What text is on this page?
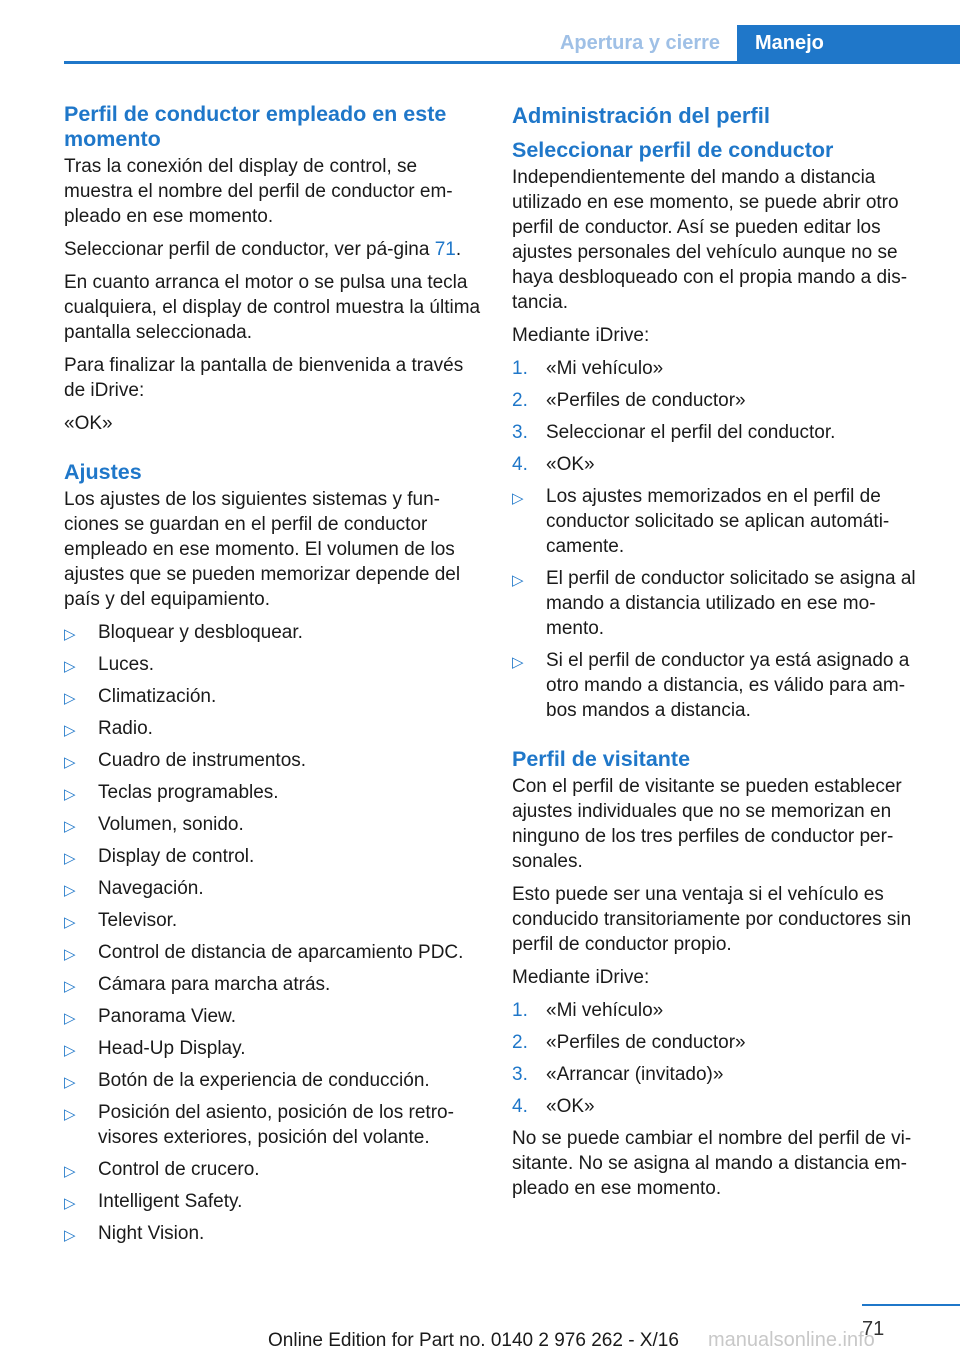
Apertura y cierre	Manejo
Perfil de conductor empleado en este momento

Tras la conexión del display de control, se muestra el nombre del perfil de conductor em‐pleado en ese momento.

Seleccionar perfil de conductor, ver pá‐gina 71.

En cuanto arranca el motor o se pulsa una tecla cualquiera, el display de control muestra la última pantalla seleccionada.

Para finalizar la pantalla de bienvenida a través de iDrive:

«OK»

Ajustes

Los ajustes de los siguientes sistemas y fun‐ciones se guardan en el perfil de conductor empleado en ese momento. El volumen de los ajustes que se pueden memorizar depende del país y del equipamiento.

▷	Bloquear y desbloquear.
▷	Luces.
▷	Climatización.
▷	Radio.
▷	Cuadro de instrumentos.
▷	Teclas programables.
▷	Volumen, sonido.
▷	Display de control.
▷	Navegación.
▷	Televisor.
▷	Control de distancia de aparcamiento PDC.
▷	Cámara para marcha atrás.
▷	Panorama View.
▷	Head-Up Display.
▷	Botón de la experiencia de conducción.
▷	Posición del asiento, posición de los retro‐visores exteriores, posición del volante.
▷	Control de crucero.
▷	Intelligent Safety.
▷	Night Vision.
Administración del perfil
Seleccionar perfil de conductor

Independientemente del mando a distancia utilizado en ese momento, se puede abrir otro perfil de conductor. Así se pueden editar los ajustes personales del vehículo aunque no se haya desbloqueado con el propia mando a dis‐tancia.

Mediante iDrive:

1. «Mi vehículo»
2. «Perfiles de conductor»
3. Seleccionar el perfil del conductor.
4. «OK»
▷	Los ajustes memorizados en el perfil de conductor solicitado se aplican automáti‐camente.
▷	El perfil de conductor solicitado se asigna al mando a distancia utilizado en ese mo‐mento.
▷	Si el perfil de conductor ya está asignado a otro mando a distancia, es válido para am‐bos mandos a distancia.
Perfil de visitante

Con el perfil de visitante se pueden establecer ajustes individuales que no se memorizan en ninguno de los tres perfiles de conductor per‐sonales.

Esto puede ser una ventaja si el vehículo es conducido transitoriamente por conductores sin perfil de conductor propio.

Mediante iDrive:

1. «Mi vehículo»
2. «Perfiles de conductor»
3. «Arrancar (invitado)»
4. «OK»

No se puede cambiar el nombre del perfil de vi‐sitante. No se asigna al mando a distancia em‐pleado en ese momento.

71
Online Edition for Part no. 0140 2 976 262 - X/16 manualsonline.info
